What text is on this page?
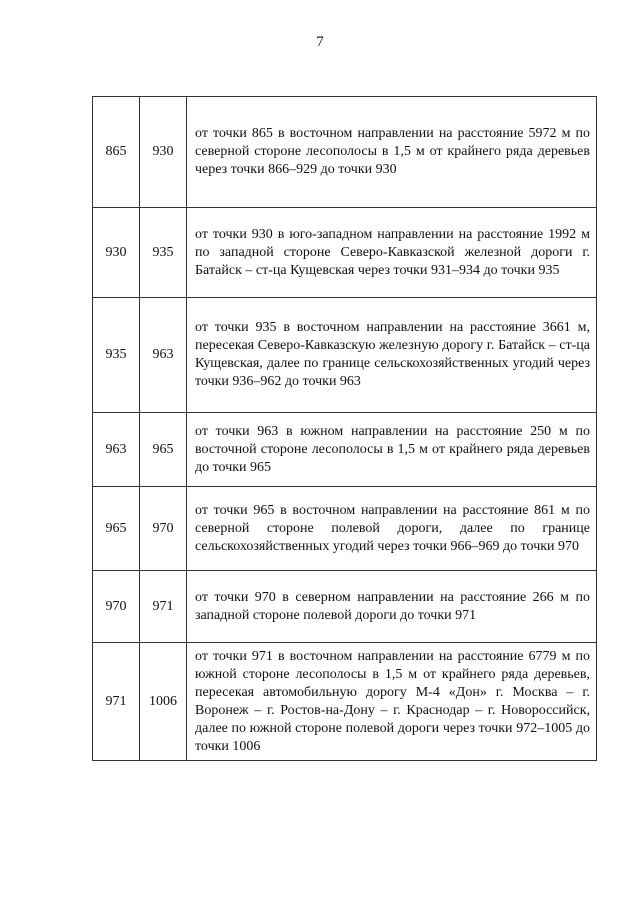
7
865	930	от точки 865 в восточном направлении на расстояние 5972 м по северной стороне лесополосы в 1,5 м от крайнего ряда деревьев через точки 866–929 до точки 930
930	935	от точки 930 в юго-западном направлении на расстояние 1992 м по западной стороне Северо-Кавказской железной дороги г. Батайск – ст-ца Кущевская через точки 931–934 до точки 935
935	963	от точки 935 в восточном направлении на расстояние 3661 м, пересекая Северо-Кавказскую железную дорогу г. Батайск – ст-ца Кущевская, далее по границе сельскохозяйственных угодий через точки 936–962 до точки 963
963	965	от точки 963 в южном направлении на расстояние 250 м по восточной стороне лесополосы в 1,5 м от крайнего ряда деревьев до точки 965
965	970	от точки 965 в восточном направлении на расстояние 861 м по северной стороне полевой дороги, далее по границе сельскохозяйственных угодий через точки 966–969 до точки 970
970	971	от точки 970 в северном направлении на расстояние 266 м по западной стороне полевой дороги до точки 971
971	1006	от точки 971 в восточном направлении на расстояние 6779 м по южной стороне лесополосы в 1,5 м от крайнего ряда деревьев, пересекая автомобильную дорогу М-4 «Дон» г. Москва – г. Воронеж – г. Ростов-на-Дону – г. Краснодар – г. Новороссийск, далее по южной стороне полевой дороги через точки 972–1005 до точки 1006
